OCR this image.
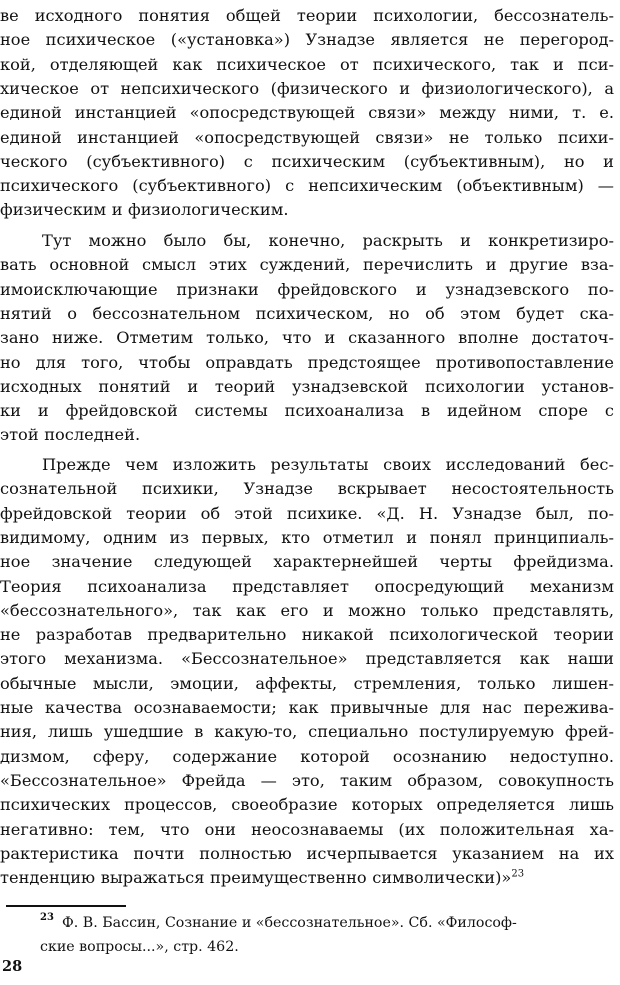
ве исходного понятия общей теории психологии, бессознатель-
ное психическое («установка») Узнадзе является не перегород-
кой, отделяющей как психическое от психического, так и пси-
хическое от непсихического (физического и физиологического), а
единой инстанцией «опосредствующей связи» между ними, т. е.
единой инстанцией «опосредствующей связи» не только психи-
ческого (субъективного) с психическим (субъективным), но и
психического (субъективного) с непсихическим (объективным) —
физическим и физиологическим.
Тут можно было бы, конечно, раскрыть и конкретизиро-
вать основной смысл этих суждений, перечислить и другие вза-
имоисключающие признаки фрейдовского и узнадзевского по-
нятий о бессознательном психическом, но об этом будет ска-
зано ниже. Отметим только, что и сказанного вполне достаточ-
но для того, чтобы оправдать предстоящее противопоставление
исходных понятий и теорий узнадзевской психологии установ-
ки и фрейдовской системы психоанализа в идейном споре с
этой последней.
Прежде чем изложить результаты своих исследований бес-
сознательной психики, Узнадзе вскрывает несостоятельность
фрейдовской теории об этой психике. «Д. Н. Узнадзе был, по-
видимому, одним из первых, кто отметил и понял принципиаль-
ное значение следующей характернейшей черты фрейдизма.
Теория психоанализа представляет опосредующий механизм
«бессознательного», так как его и можно только представлять,
не разработав предварительно никакой психологической теории
этого механизма. «Бессознательное» представляется как наши
обычные мысли, эмоции, аффекты, стремления, только лишен-
ные качества осознаваемости; как привычные для нас пережива-
ния, лишь ушедшие в какую-то, специально постулируемую фрей-
дизмом, сферу, содержание которой осознанию недоступно.
«Бессознательное» Фрейда — это, таким образом, совокупность
психических процессов, своеобразие которых определяется лишь
негативно: тем, что они неосознаваемы (их положительная ха-
рактеристика почти полностью исчерпывается указанием на их
тенденцию выражаться преимущественно символически)»$^{23}$
23 Ф. В. Бассин, Сознание и «бессознательное». Сб. «Философ-
ские вопросы...», стр. 462.
28
